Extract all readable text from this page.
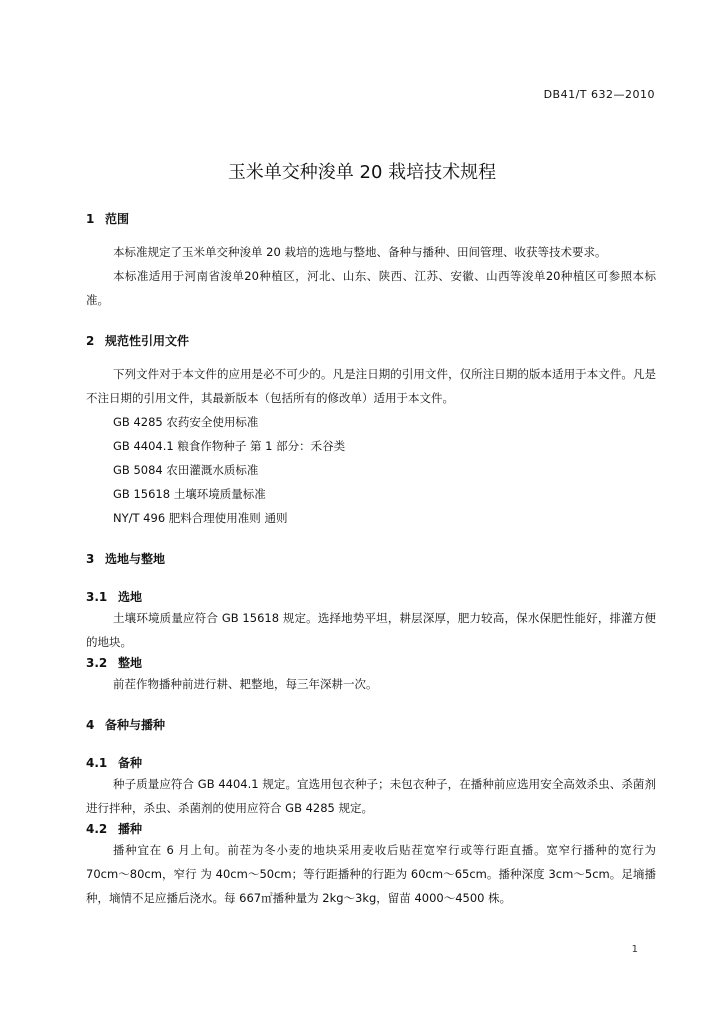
DB41/T 632—2010
玉米单交种浚单 20 栽培技术规程
1 范围

本标准规定了玉米单交种浚单 20 栽培的选地与整地、备种与播种、田间管理、收获等技术要求。

本标准适用于河南省浚单20种植区，河北、山东、陕西、江苏、安徽、山西等浚单20种植区可参照本标准。

2 规范性引用文件

下列文件对于本文件的应用是必不可少的。凡是注日期的引用文件，仅所注日期的版本适用于本文件。凡是不注日期的引用文件，其最新版本（包括所有的修改单）适用于本文件。

GB 4285 农药安全使用标准
GB 4404.1 粮食作物种子 第 1 部分：禾谷类
GB 5084 农田灌溉水质标准
GB 15618 土壤环境质量标准
NY/T 496 肥料合理使用准则 通则
3 选地与整地
3.1 选地

土壤环境质量应符合 GB 15618 规定。选择地势平坦，耕层深厚，肥力较高，保水保肥性能好，排灌方便的地块。

3.2 整地

前茬作物播种前进行耕、耙整地，每三年深耕一次。

4 备种与播种
4.1 备种

种子质量应符合 GB 4404.1 规定。宜选用包衣种子；未包衣种子，在播种前应选用安全高效杀虫、杀菌剂进行拌种，杀虫、杀菌剂的使用应符合 GB 4285 规定。

4.2 播种

播种宜在 6 月上旬。前茬为冬小麦的地块采用麦收后贴茬宽窄行或等行距直播。宽窄行播种的宽行为 70cm～80cm，窄行 为 40cm～50cm；等行距播种的行距为 60cm～65cm。播种深度 3cm～5cm。足墒播种，墒情不足应播后浇水。每 667㎡播种量为 2kg～3kg，留苗 4000～4500 株。

1
